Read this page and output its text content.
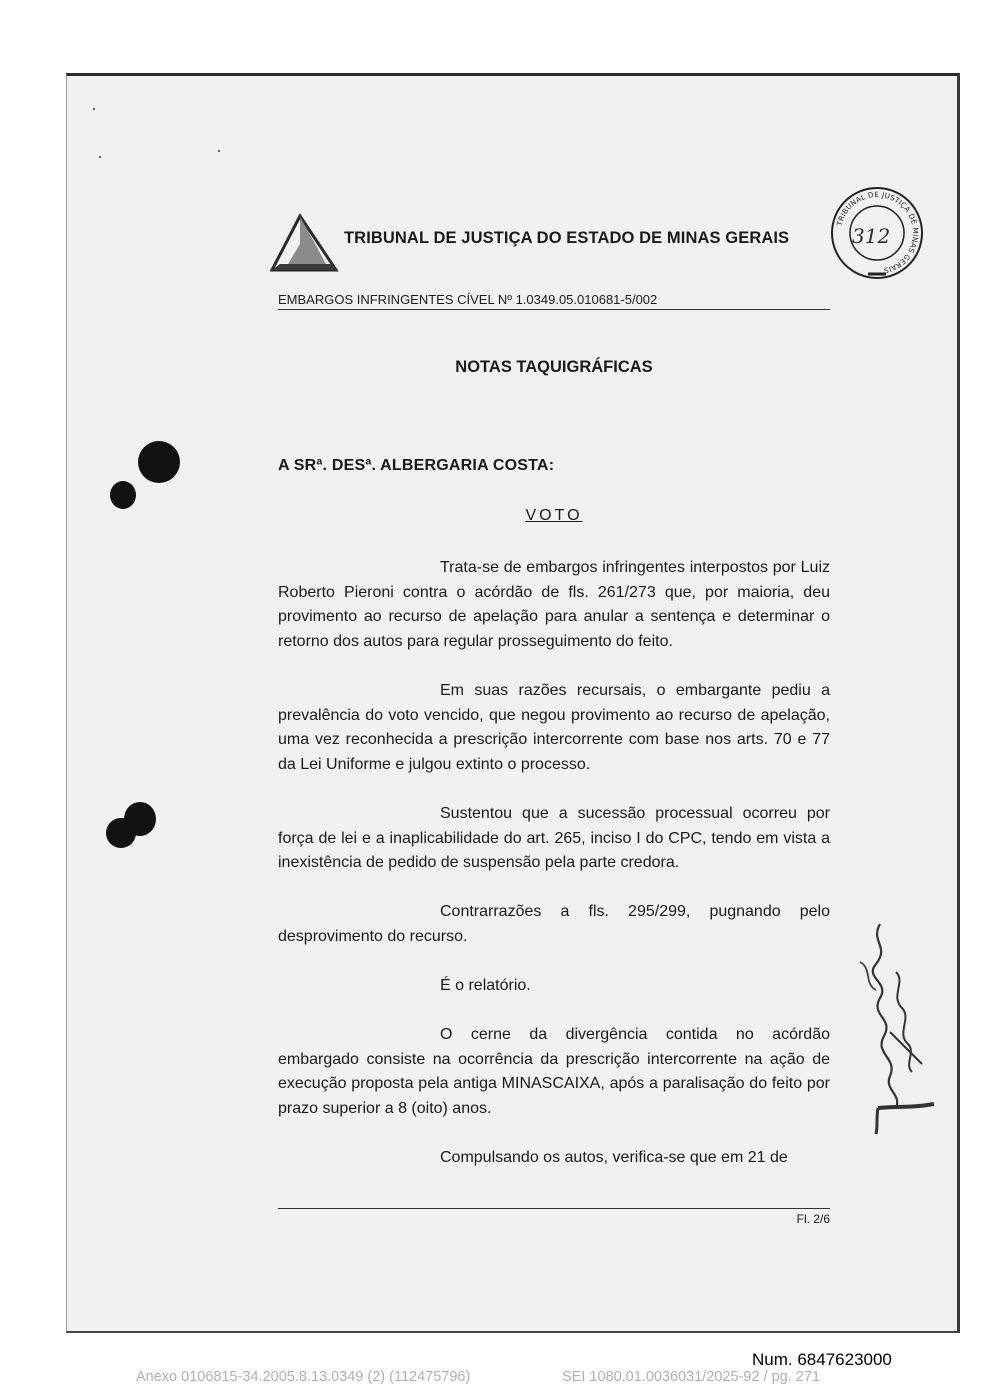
TRIBUNAL DE JUSTIÇA DO ESTADO DE MINAS GERAIS
TRIBUNAL DE JUSTIÇA DE MINAS GERAIS
312
EMBARGOS INFRINGENTES CÍVEL Nº 1.0349.05.010681-5/002
NOTAS TAQUIGRÁFICAS
A SRª. DESª. ALBERGARIA COSTA:
VOTO

Trata-se de embargos infringentes interpostos por Luiz Roberto Pieroni contra o acórdão de fls. 261/273 que, por maioria, deu provimento ao recurso de apelação para anular a sentença e determinar o retorno dos autos para regular prosseguimento do feito.

Em suas razões recursais, o embargante pediu a prevalência do voto vencido, que negou provimento ao recurso de apelação, uma vez reconhecida a prescrição intercorrente com base nos arts. 70 e 77 da Lei Uniforme e julgou extinto o processo.

Sustentou que a sucessão processual ocorreu por força de lei e a inaplicabilidade do art. 265, inciso I do CPC, tendo em vista a inexistência de pedido de suspensão pela parte credora.

Contrarrazões a fls. 295/299, pugnando pelo desprovimento do recurso.

É o relatório.

O cerne da divergência contida no acórdão embargado consiste na ocorrência da prescrição intercorrente na ação de execução proposta pela antiga MINASCAIXA, após a paralisação do feito por prazo superior a 8 (oito) anos.

Compulsando os autos, verifica-se que em 21 de

Fl. 2/6
Num. 6847623000
Anexo 0106815-34.2005.8.13.0349 (2) (112475796)	SEI 1080.01.0036031/2025-92 / pg. 271
